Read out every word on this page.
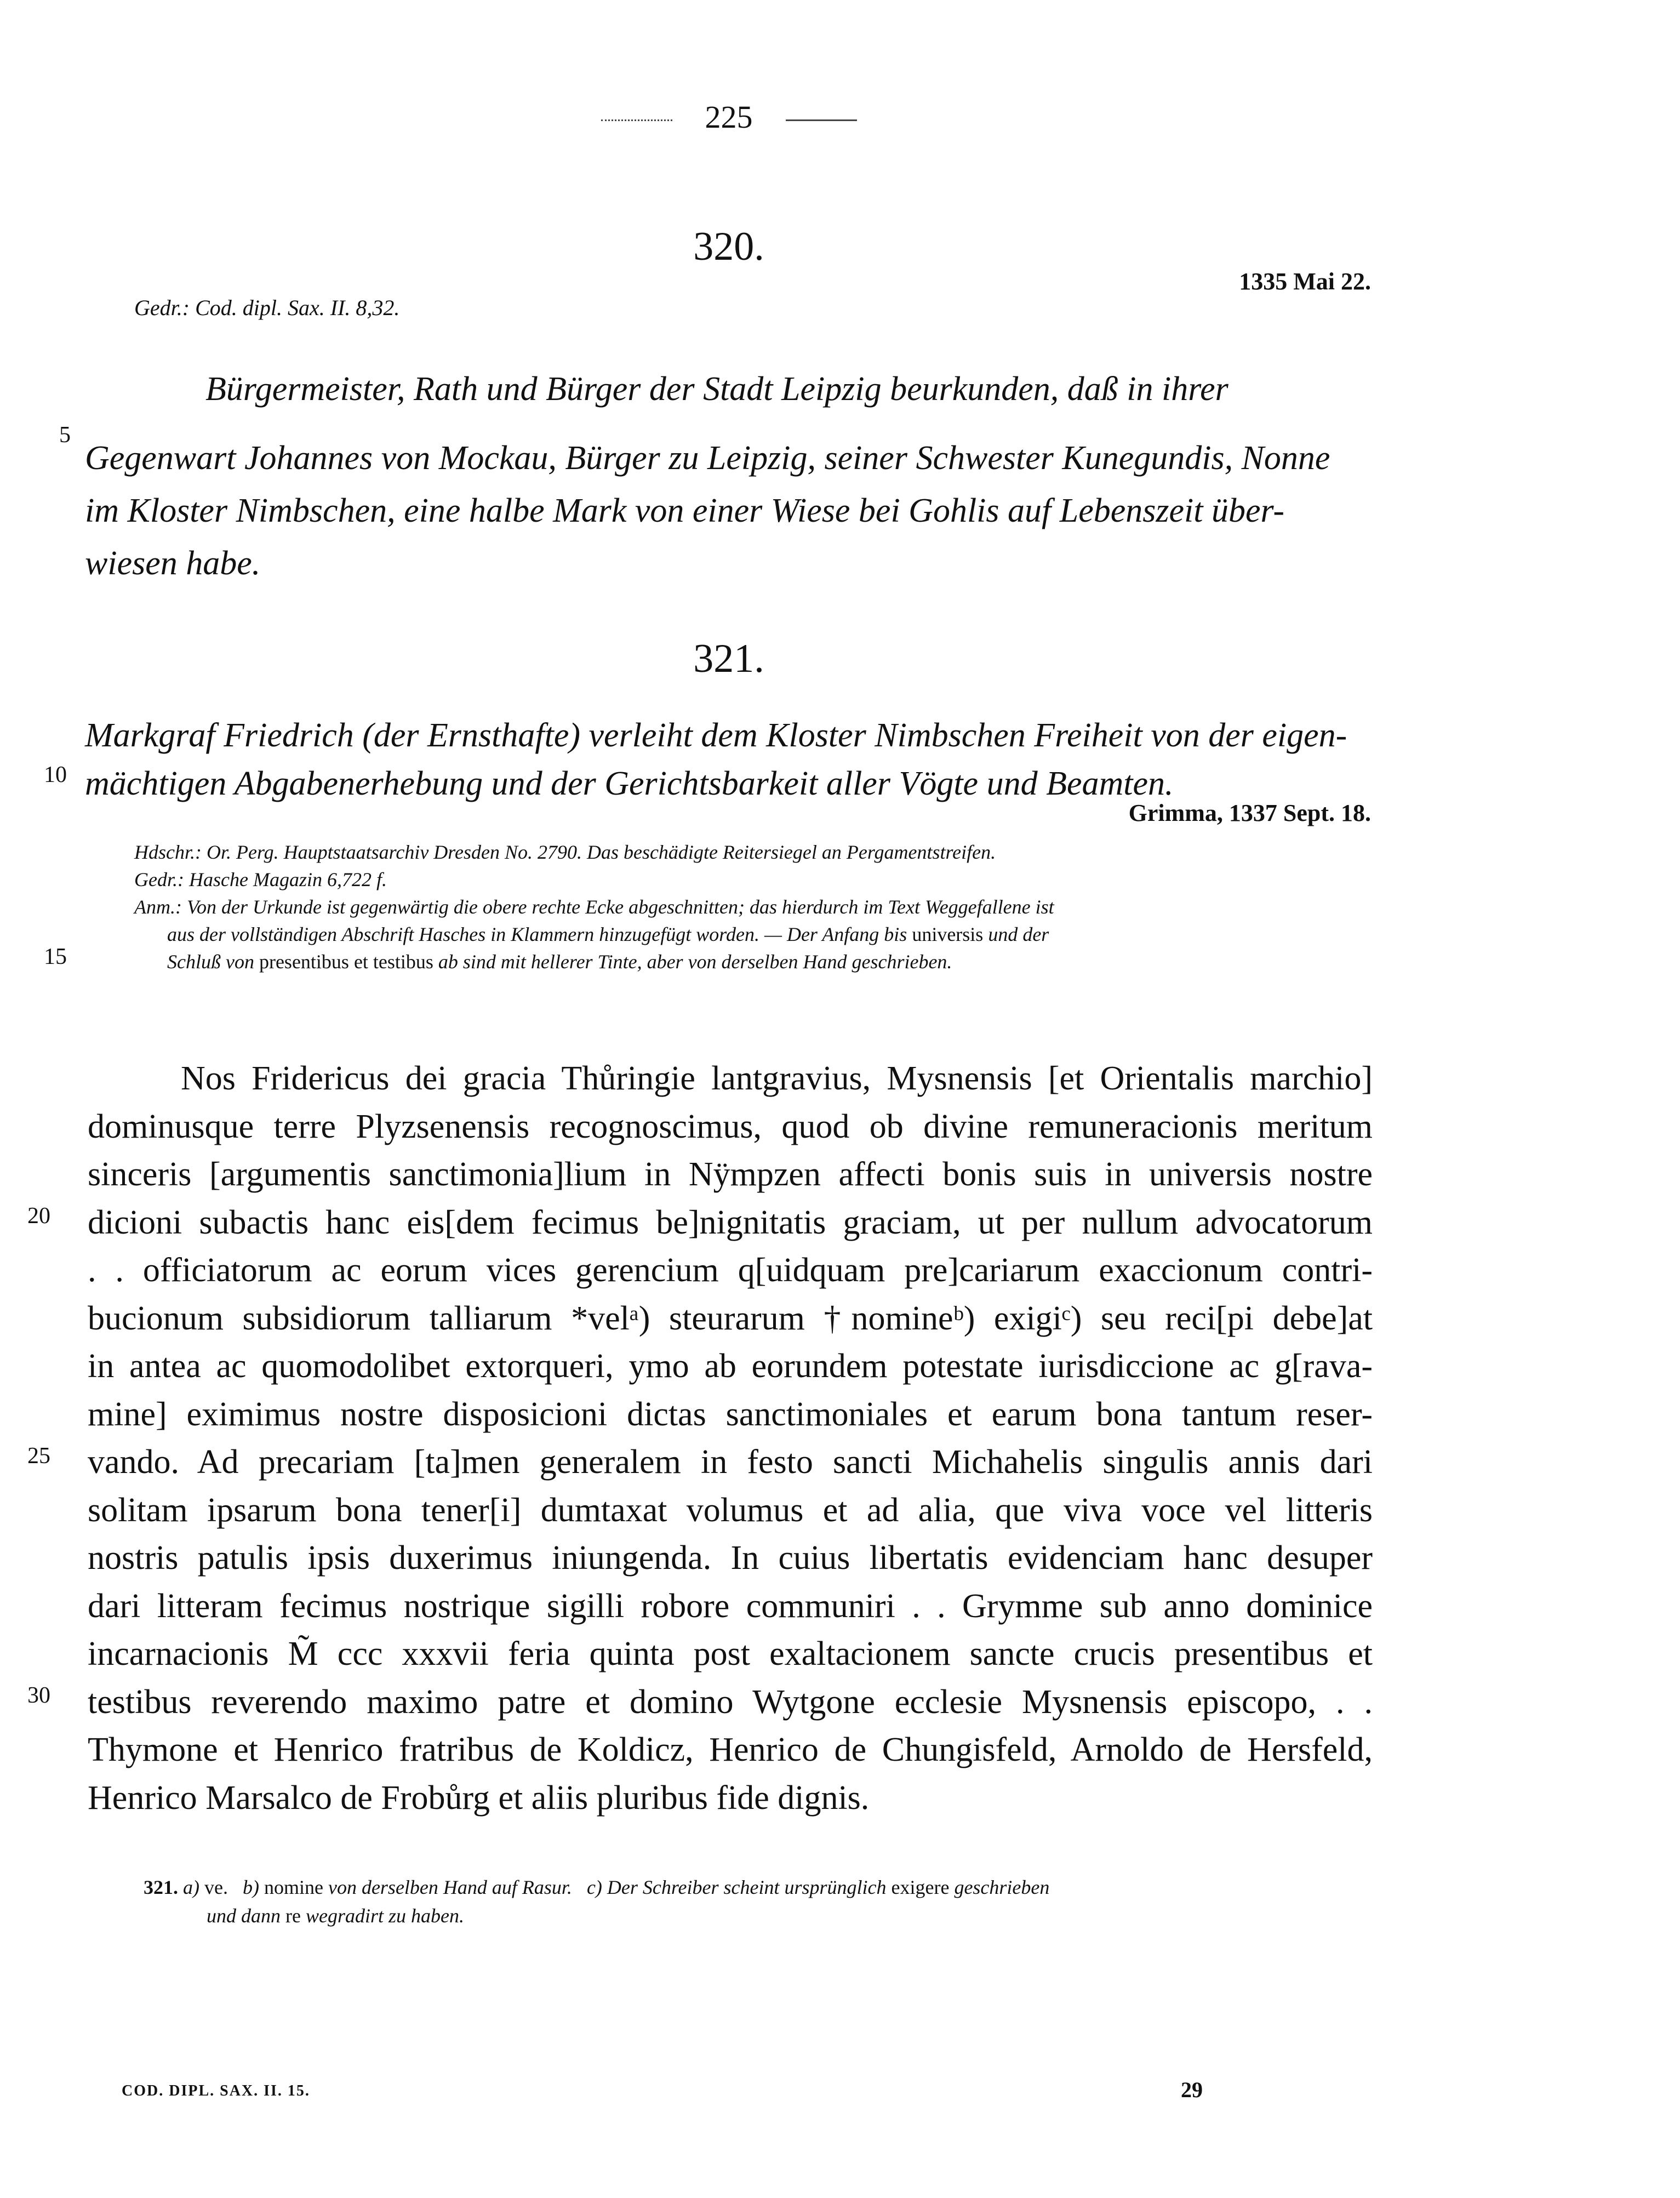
225
320.
Gedr.: Cod. dipl. Sax. II. 8,32.
1335 Mai 22.
5
Bürgermeister, Rath und Bürger der Stadt Leipzig beurkunden, daß in ihrer
Gegenwart Johannes von Mockau, Bürger zu Leipzig, seiner Schwester Kunegundis, Nonne
im Kloster Nimbschen, eine halbe Mark von einer Wiese bei Gohlis auf Lebenszeit über-
wiesen habe.
321.
Markgraf Friedrich (der Ernsthafte) verleiht dem Kloster Nimbschen Freiheit von der eigen-
mächtigen Abgabenerhebung und der Gerichtsbarkeit aller Vögte und Beamten.
10
Grimma, 1337 Sept. 18.
Hdschr.: Or. Perg. Hauptstaatsarchiv Dresden No. 2790. Das beschädigte Reitersiegel an Pergamentstreifen.
Gedr.: Hasche Magazin 6,722 f.
Anm.: Von der Urkunde ist gegenwärtig die obere rechte Ecke abgeschnitten; das hierdurch im Text Weggefallene ist
aus der vollständigen Abschrift Hasches in Klammern hinzugefügt worden. — Der Anfang bis universis und der
Schluß von presentibus et testibus ab sind mit hellerer Tinte, aber von derselben Hand geschrieben.
15
Nos Fridericus dei gracia Thůringie lantgravius, Mysnensis [et Orientalis marchio]
dominusque terre Plyzsenensis recognoscimus, quod ob divine remuneracionis meritum
sinceris [argumentis sanctimonia]lium in Nÿmpzen affecti bonis suis in universis nostre
dicioni subactis hanc eis[dem fecimus be]nignitatis graciam, ut per nullum advocatorum
. . officiatorum ac eorum vices gerencium q[uidquam pre]cariarum exaccionum contri-
bucionum subsidiorum talliarum *velᵃ) steurarum †nomineᵇ) exigiᶜ) seu reci[pi debe]at
in antea ac quomodolibet extorqueri, ymo ab eorundem potestate iurisdiccione ac g[rava-
mine] eximimus nostre disposicioni dictas sanctimoniales et earum bona tantum reser-
vando. Ad precariam [ta]men generalem in festo sancti Michahelis singulis annis dari
solitam ipsarum bona tener[i] dumtaxat volumus et ad alia, que viva voce vel litteris
nostris patulis ipsis duxerimus iniungenda. In cuius libertatis evidenciam hanc desuper
dari litteram fecimus nostrique sigilli robore communiri . . Grymme sub anno dominice
incarnacionis M̃ ccc xxxvii feria quinta post exaltacionem sancte crucis presentibus et
testibus reverendo maximo patre et domino Wytgone ecclesie Mysnensis episcopo, . .
Thymone et Henrico fratribus de Koldicz, Henrico de Chungisfeld, Arnoldo de Hersfeld,
Henrico Marsalco de Frobůrg et aliis pluribus fide dignis.
20
25
30
321. a) ve. b) nomine von derselben Hand auf Rasur. c) Der Schreiber scheint ursprünglich exigere geschrieben
und dann re wegradirt zu haben.
COD. DIPL. SAX. II. 15.	29
